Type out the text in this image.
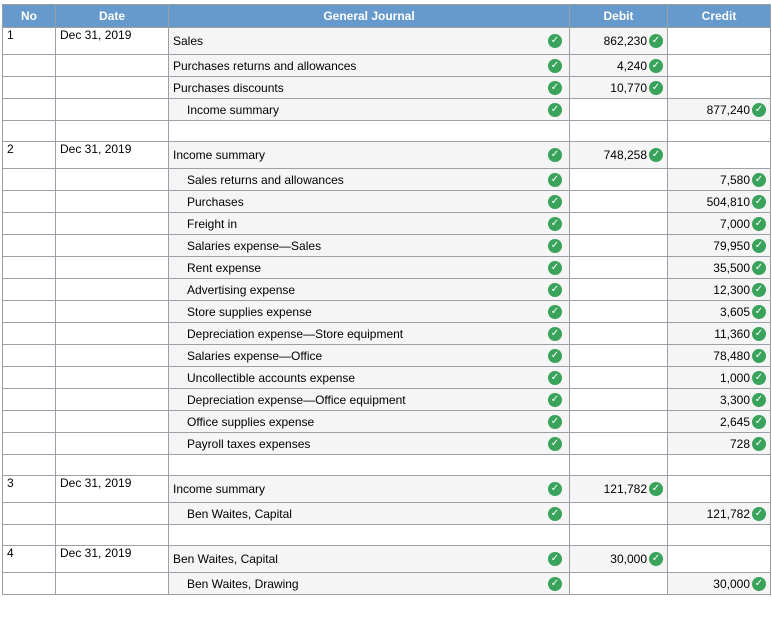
No	Date	General Journal	Debit	Credit
1	Dec 31, 2019	Sales ✓	862,230 ✓	

		Purchases returns and allowances ✓	4,240 ✓	

		Purchases discounts ✓	10,770 ✓	

		Income summary ✓		877,240 ✓

2	Dec 31, 2019	Income summary ✓	748,258 ✓	

		Sales returns and allowances ✓		7,580 ✓

		Purchases ✓		504,810 ✓

		Freight in ✓		7,000 ✓

		Salaries expense—Sales ✓		79,950 ✓

		Rent expense ✓		35,500 ✓

		Advertising expense ✓		12,300 ✓

		Store supplies expense ✓		3,605 ✓

		Depreciation expense—Store equipment ✓		11,360 ✓

		Salaries expense—Office ✓		78,480 ✓

		Uncollectible accounts expense ✓		1,000 ✓

		Depreciation expense—Office equipment ✓		3,300 ✓

		Office supplies expense ✓		2,645 ✓

		Payroll taxes expenses ✓		728 ✓

3	Dec 31, 2019	Income summary ✓	121,782 ✓	

		Ben Waites, Capital ✓		121,782 ✓

4	Dec 31, 2019	Ben Waites, Capital ✓	30,000 ✓	

		Ben Waites, Drawing ✓		30,000 ✓
